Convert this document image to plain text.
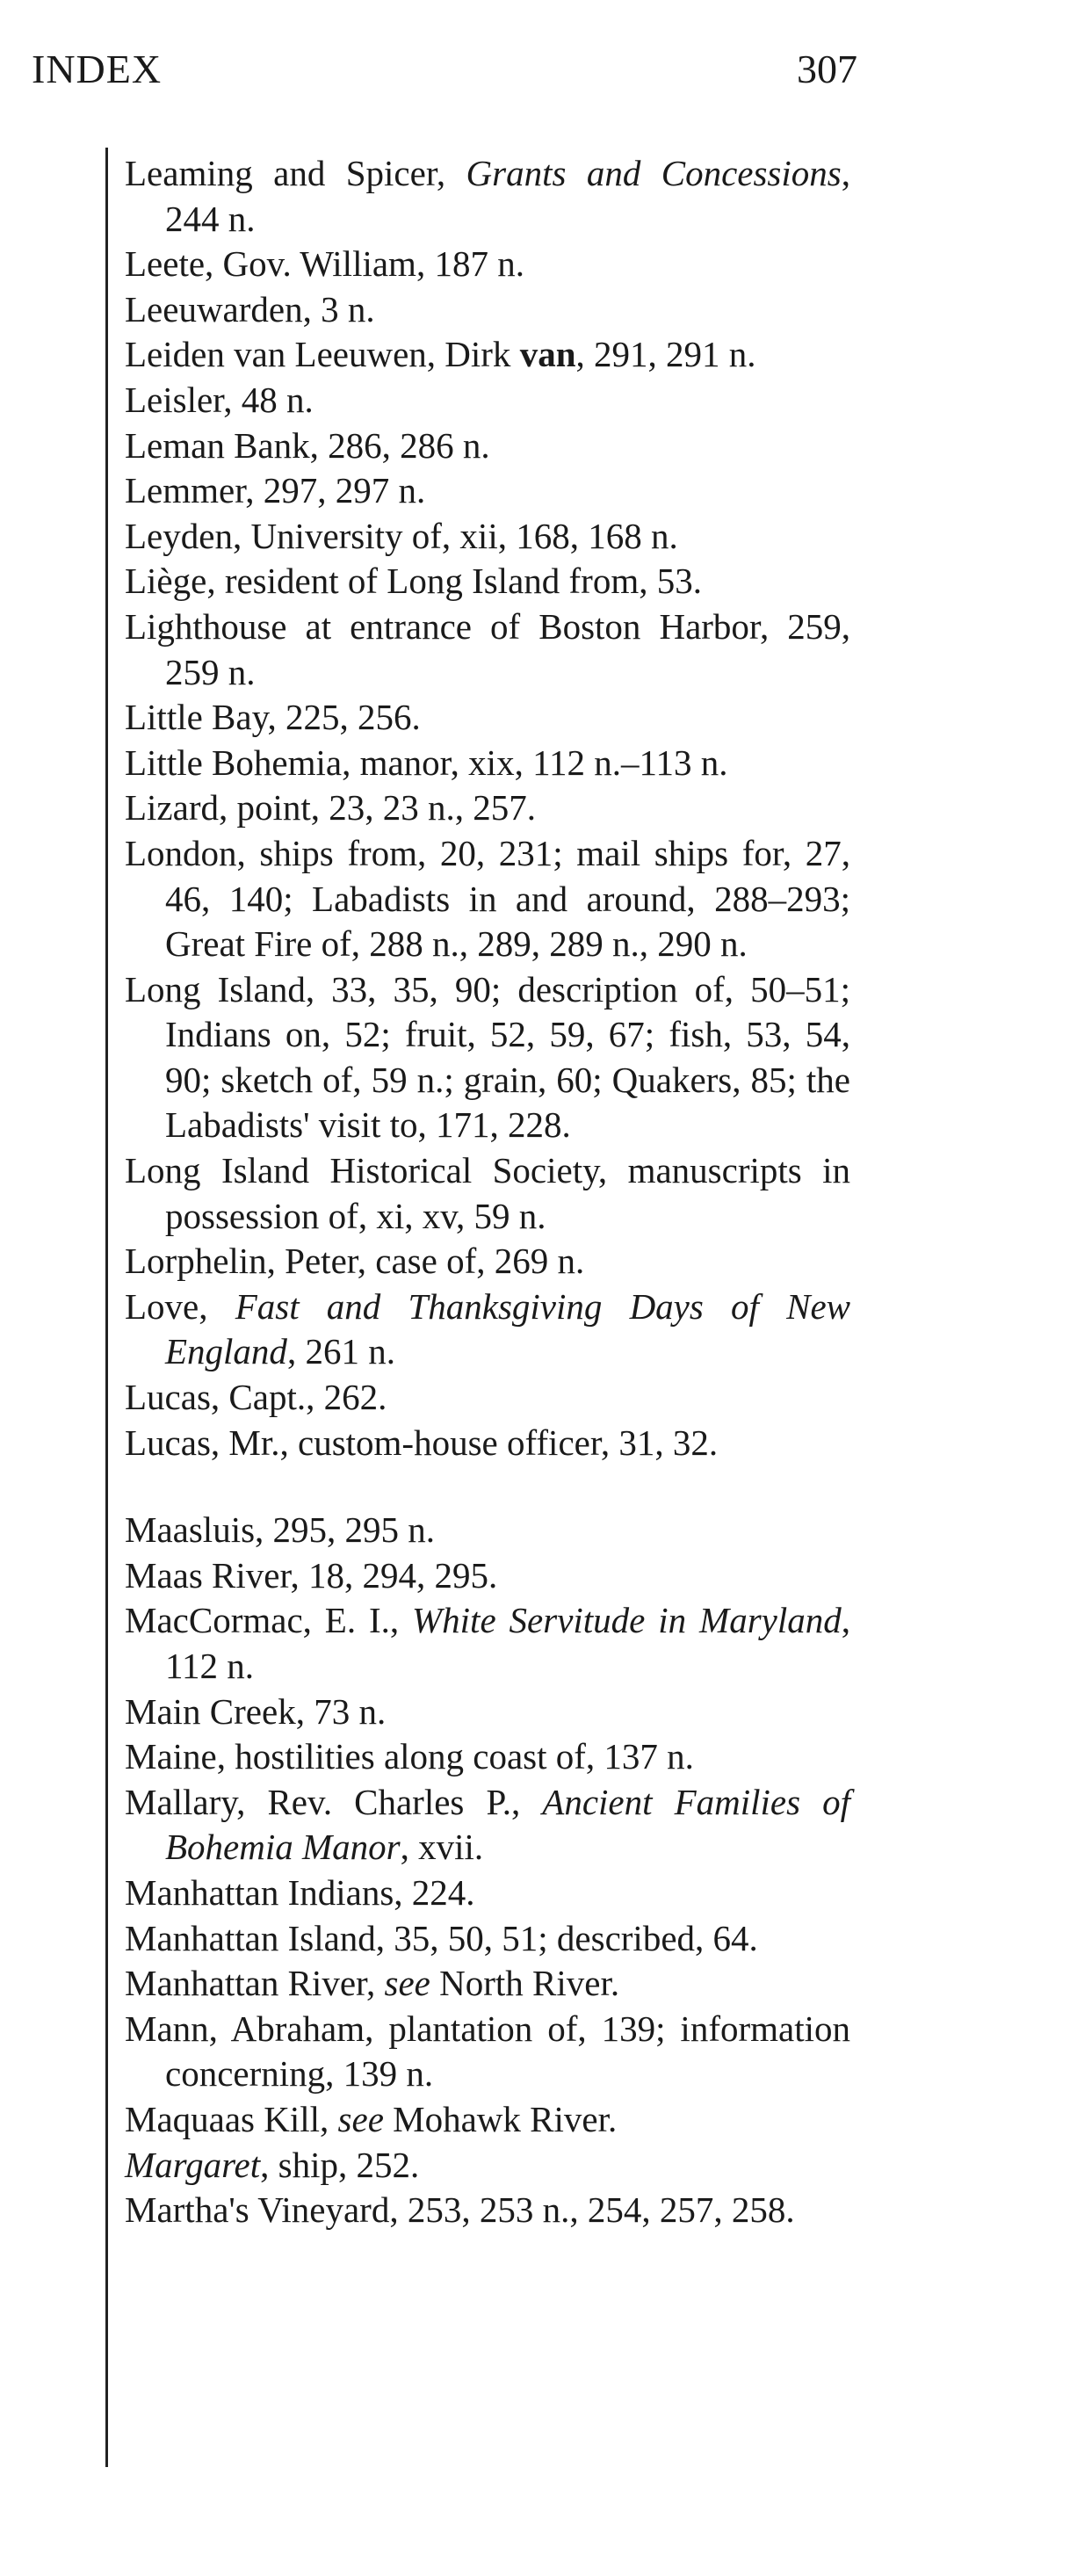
INDEX	307
Leaming and Spicer, Grants and Concessions, 244 n.
Leete, Gov. William, 187 n.
Leeuwarden, 3 n.
Leiden van Leeuwen, Dirk van, 291, 291 n.
Leisler, 48 n.
Leman Bank, 286, 286 n.
Lemmer, 297, 297 n.
Leyden, University of, xii, 168, 168 n.
Liège, resident of Long Island from, 53.
Lighthouse at entrance of Boston Harbor, 259, 259 n.
Little Bay, 225, 256.
Little Bohemia, manor, xix, 112 n.–113 n.
Lizard, point, 23, 23 n., 257.
London, ships from, 20, 231; mail ships for, 27, 46, 140; Labadists in and around, 288–293; Great Fire of, 288 n., 289, 289 n., 290 n.
Long Island, 33, 35, 90; description of, 50–51; Indians on, 52; fruit, 52, 59, 67; fish, 53, 54, 90; sketch of, 59 n.; grain, 60; Quakers, 85; the Labadists' visit to, 171, 228.
Long Island Historical Society, manuscripts in possession of, xi, xv, 59 n.
Lorphelin, Peter, case of, 269 n.
Love, Fast and Thanksgiving Days of New England, 261 n.
Lucas, Capt., 262.
Lucas, Mr., custom-house officer, 31, 32.
Maasluis, 295, 295 n.
Maas River, 18, 294, 295.
MacCormac, E. I., White Servitude in Maryland, 112 n.
Main Creek, 73 n.
Maine, hostilities along coast of, 137 n.
Mallary, Rev. Charles P., Ancient Families of Bohemia Manor, xvii.
Manhattan Indians, 224.
Manhattan Island, 35, 50, 51; described, 64.
Manhattan River, see North River.
Mann, Abraham, plantation of, 139; information concerning, 139 n.
Maquaas Kill, see Mohawk River.
Margaret, ship, 252.
Martha's Vineyard, 253, 253 n., 254, 257, 258.
